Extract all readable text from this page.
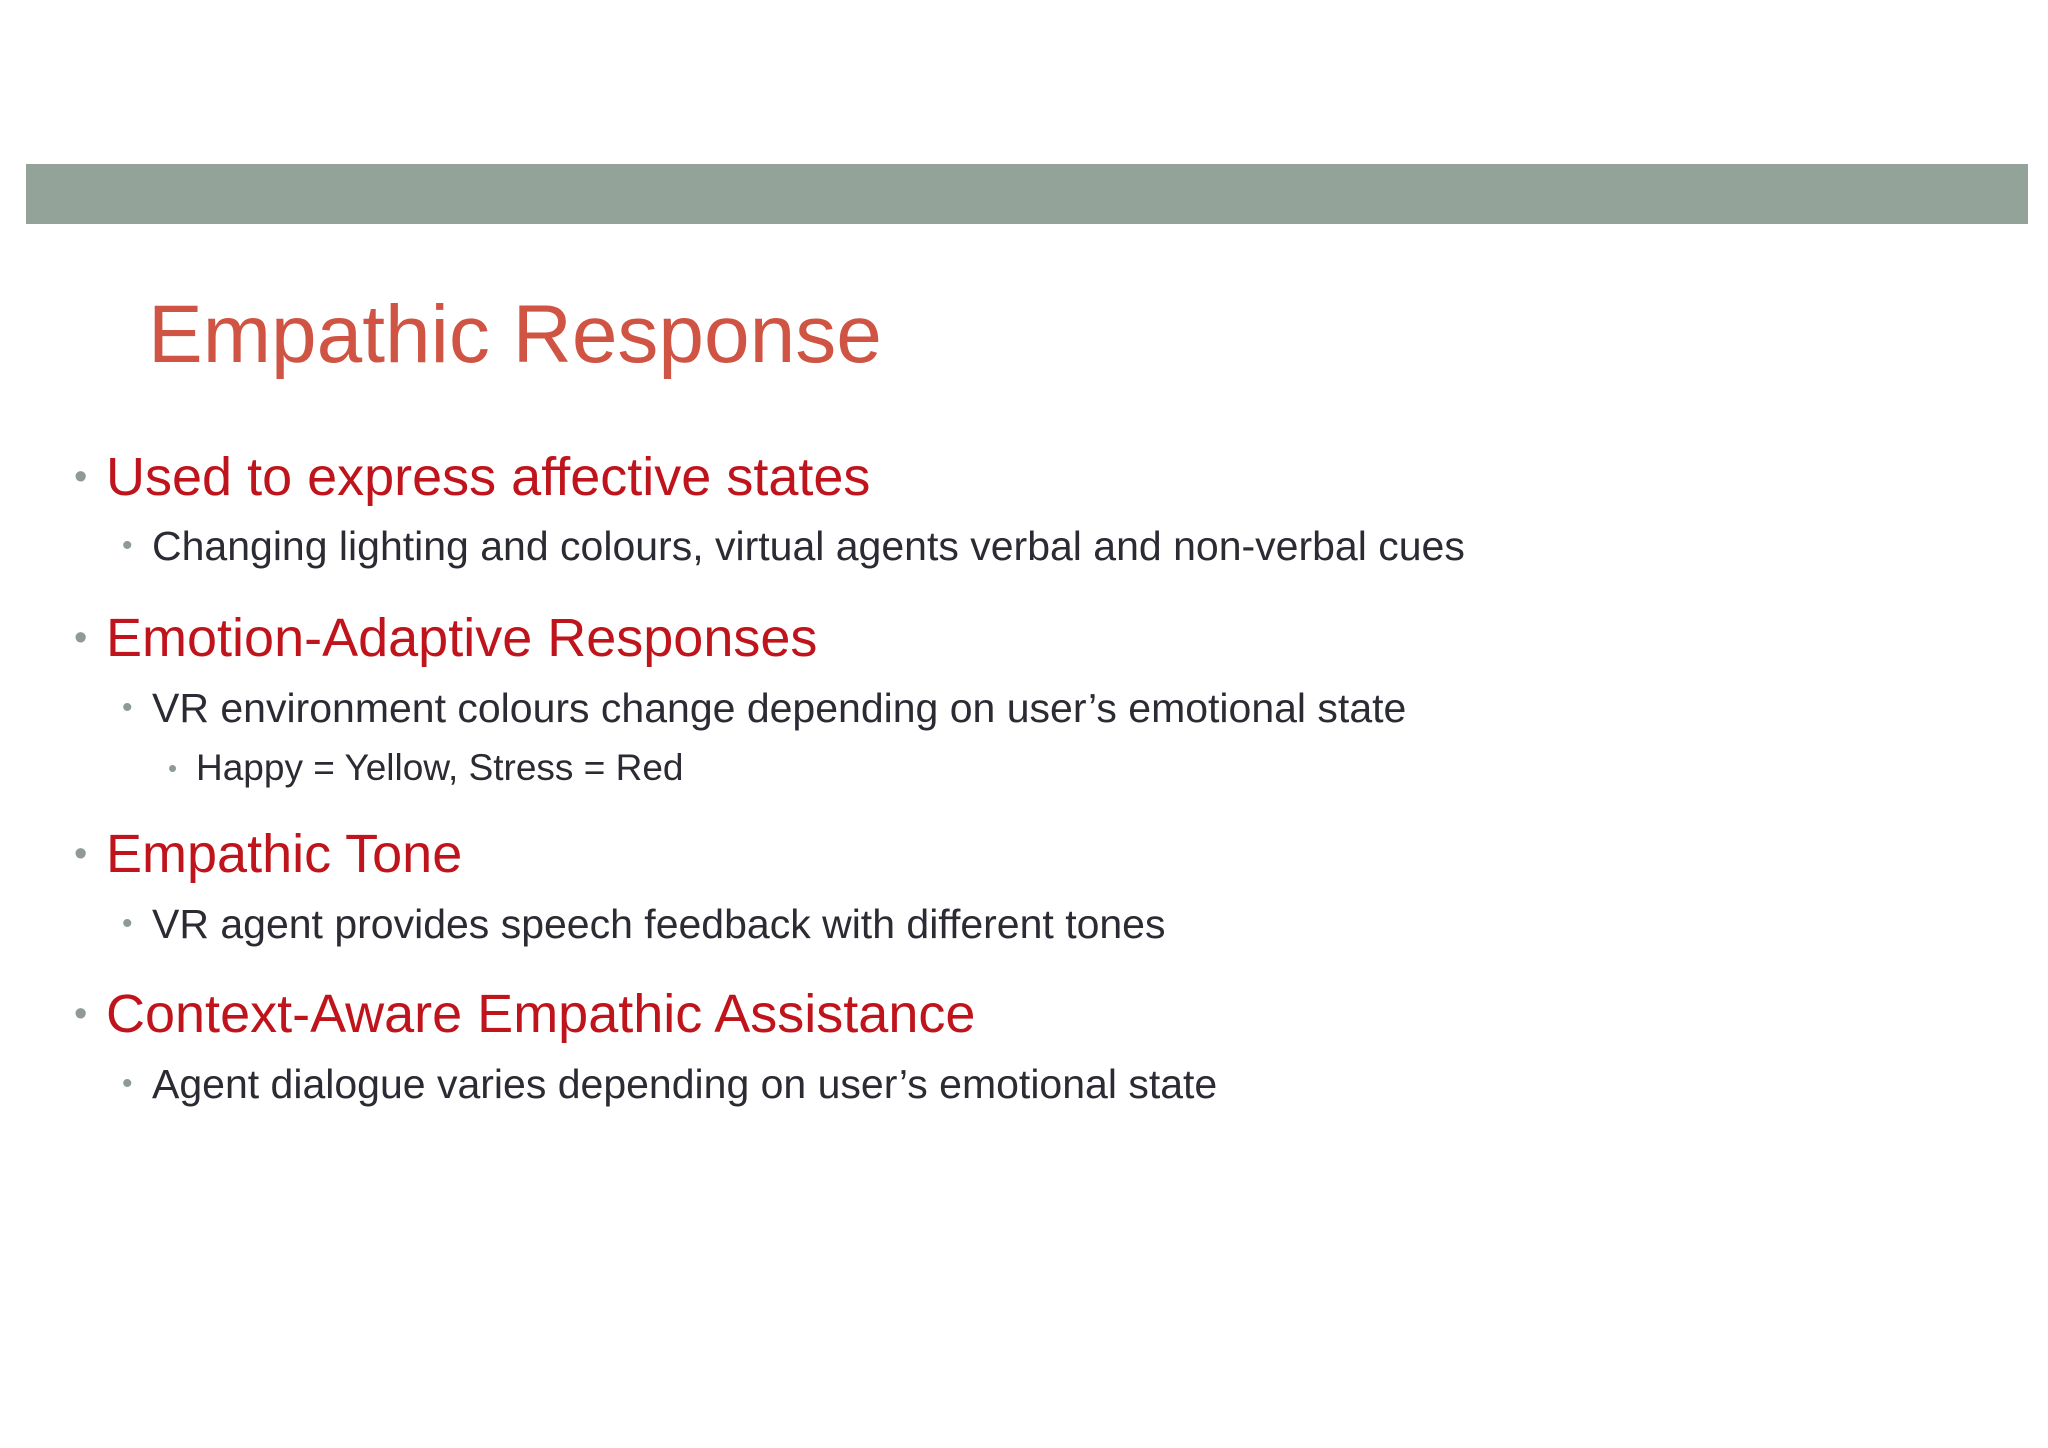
Empathic Response
• Used to express affective states
• Changing lighting and colours, virtual agents verbal and non-verbal cues
• Emotion-Adaptive Responses
• VR environment colours change depending on user’s emotional state
• Happy = Yellow, Stress = Red
• Empathic Tone
• VR agent provides speech feedback with different tones
• Context-Aware Empathic Assistance
• Agent dialogue varies depending on user’s emotional state
